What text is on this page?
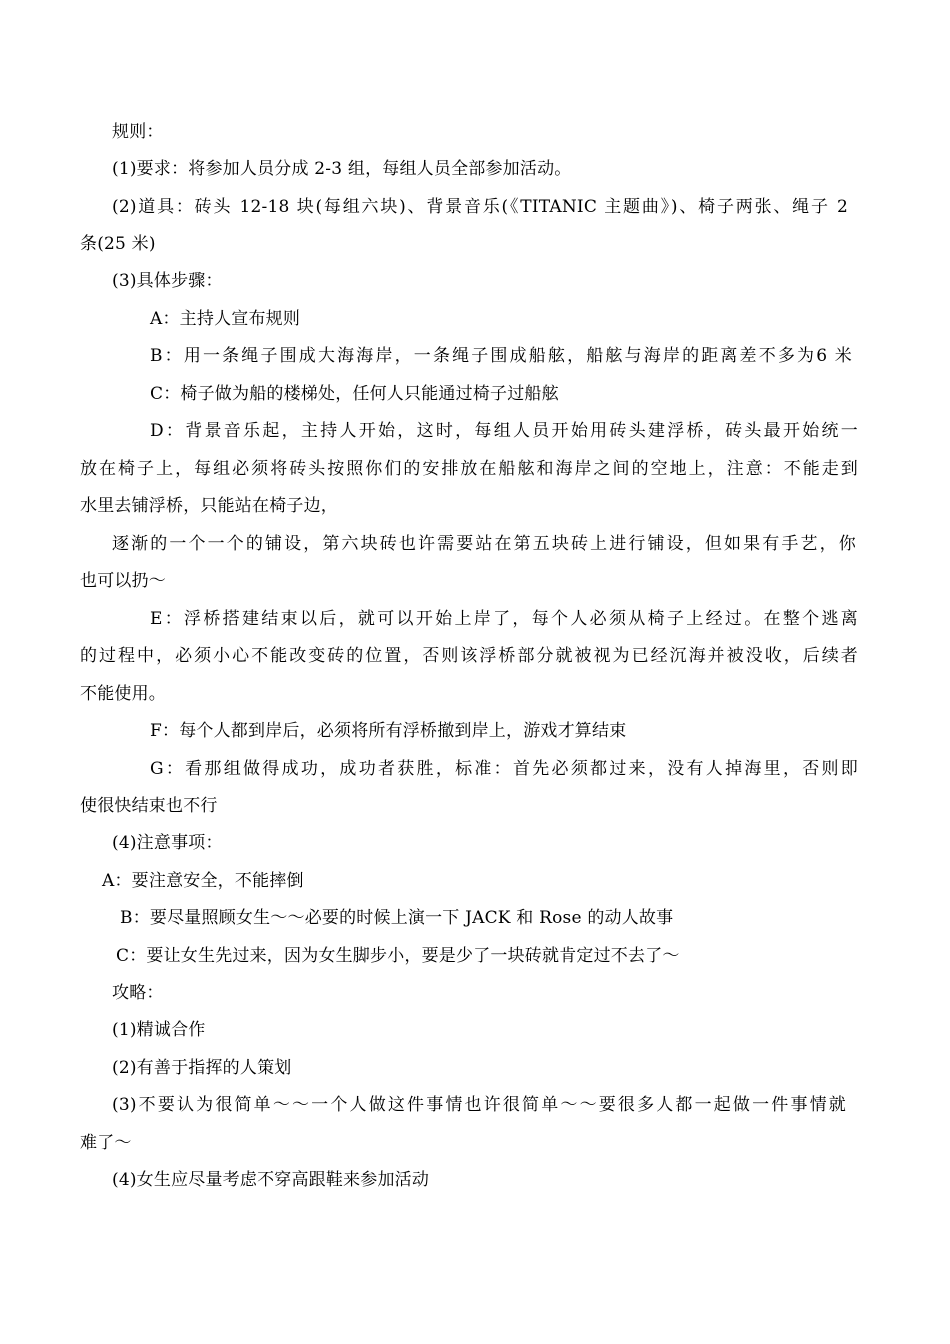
规则：
(1)要求：将参加人员分成 2-3 组，每组人员全部参加活动。
(2)道具：砖头 12-18 块(每组六块)、背景音乐(《TITANIC 主题曲》)、椅子两张、绳子 2
条(25 米)
(3)具体步骤：
A：主持人宣布规则
B：用一条绳子围成大海海岸，一条绳子围成船舷，船舷与海岸的距离差不多为6 米
C：椅子做为船的楼梯处，任何人只能通过椅子过船舷
D：背景音乐起，主持人开始，这时，每组人员开始用砖头建浮桥，砖头最开始统一
放在椅子上，每组必须将砖头按照你们的安排放在船舷和海岸之间的空地上，注意：不能走到
水里去铺浮桥，只能站在椅子边，
逐渐的一个一个的铺设，第六块砖也许需要站在第五块砖上进行铺设，但如果有手艺，你
也可以扔～
E：浮桥搭建结束以后，就可以开始上岸了，每个人必须从椅子上经过。在整个逃离
的过程中，必须小心不能改变砖的位置，否则该浮桥部分就被视为已经沉海并被没收，后续者
不能使用。
F：每个人都到岸后，必须将所有浮桥撤到岸上，游戏才算结束
G：看那组做得成功，成功者获胜，标准：首先必须都过来，没有人掉海里，否则即
使很快结束也不行
(4)注意事项：
A：要注意安全，不能摔倒
B：要尽量照顾女生～～必要的时候上演一下 JACK 和 Rose 的动人故事
C：要让女生先过来，因为女生脚步小，要是少了一块砖就肯定过不去了～
攻略：
(1)精诚合作
(2)有善于指挥的人策划
(3)不要认为很简单～～一个人做这件事情也许很简单～～要很多人都一起做一件事情就
难了～
(4)女生应尽量考虑不穿高跟鞋来参加活动
